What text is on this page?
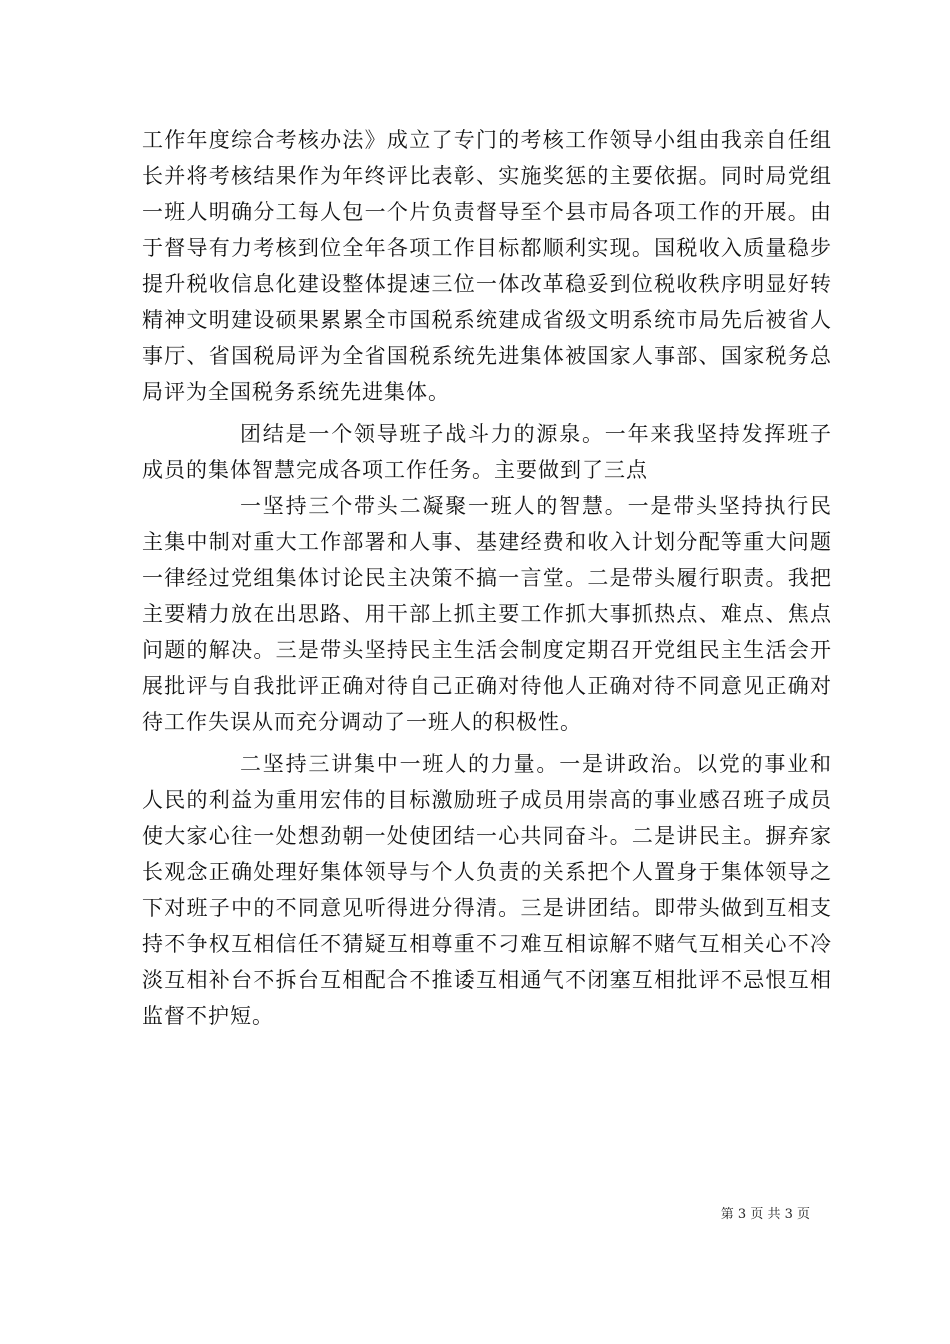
工作年度综合考核办法》成立了专门的考核工作领导小组由我亲自任组长并将考核结果作为年终评比表彰、实施奖惩的主要依据。同时局党组一班人明确分工每人包一个片负责督导至个县市局各项工作的开展。由于督导有力考核到位全年各项工作目标都顺利实现。国税收入质量稳步提升税收信息化建设整体提速三位一体改革稳妥到位税收秩序明显好转精神文明建设硕果累累全市国税系统建成省级文明系统市局先后被省人事厅、省国税局评为全省国税系统先进集体被国家人事部、国家税务总局评为全国税务系统先进集体。

团结是一个领导班子战斗力的源泉。一年来我坚持发挥班子成员的集体智慧完成各项工作任务。主要做到了三点

一坚持三个带头二凝聚一班人的智慧。一是带头坚持执行民主集中制对重大工作部署和人事、基建经费和收入计划分配等重大问题一律经过党组集体讨论民主决策不搞一言堂。二是带头履行职责。我把主要精力放在出思路、用干部上抓主要工作抓大事抓热点、难点、焦点问题的解决。三是带头坚持民主生活会制度定期召开党组民主生活会开展批评与自我批评正确对待自己正确对待他人正确对待不同意见正确对待工作失误从而充分调动了一班人的积极性。

二坚持三讲集中一班人的力量。一是讲政治。以党的事业和人民的利益为重用宏伟的目标激励班子成员用崇高的事业感召班子成员使大家心往一处想劲朝一处使团结一心共同奋斗。二是讲民主。摒弃家长观念正确处理好集体领导与个人负责的关系把个人置身于集体领导之下对班子中的不同意见听得进分得清。三是讲团结。即带头做到互相支持不争权互相信任不猜疑互相尊重不刁难互相谅解不赌气互相关心不冷淡互相补台不拆台互相配合不推诿互相通气不闭塞互相批评不忌恨互相监督不护短。

第 3 页 共 3 页
